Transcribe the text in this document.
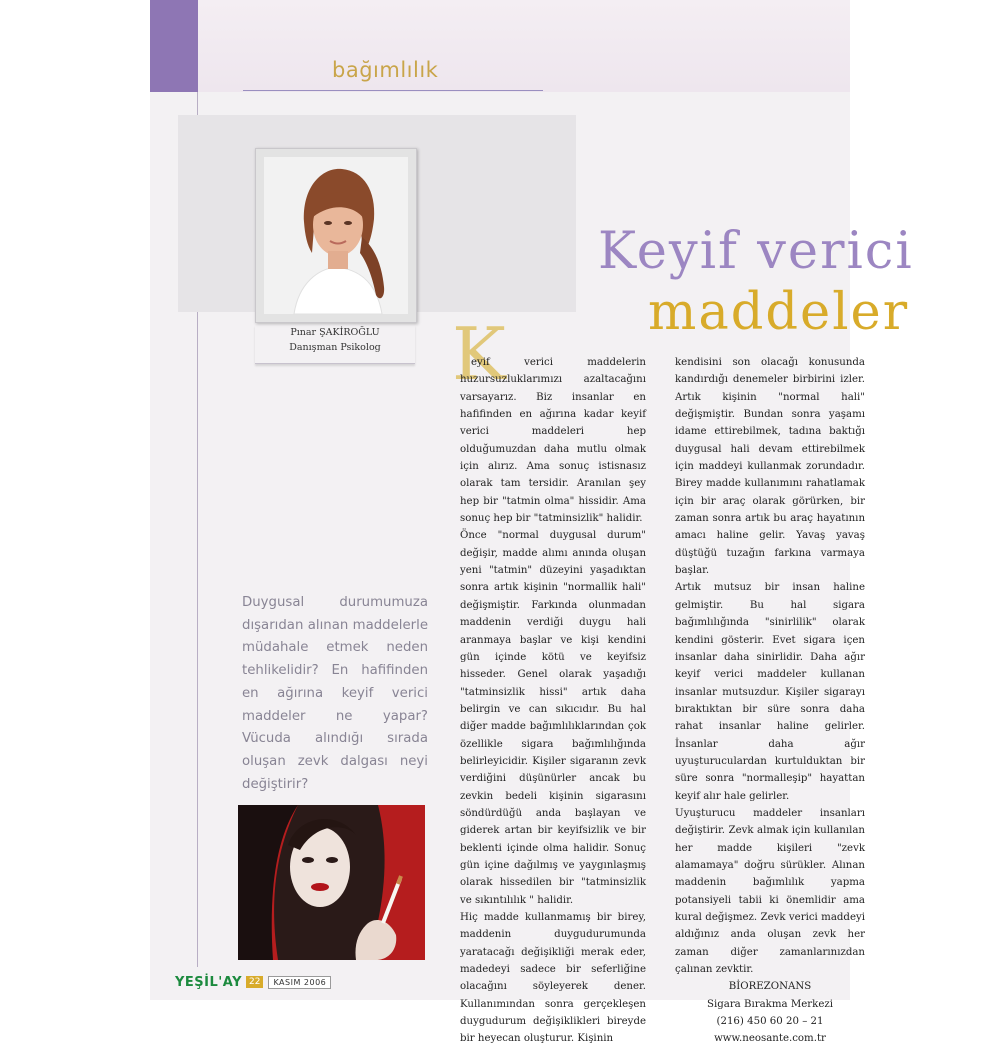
bağımlılık
Pınar ŞAKİROĞLU
Danışman Psikolog
Keyif verici
maddeler
K

eyif verici maddelerin huzursuzluklarımızı azaltacağını varsayarız. Biz insanlar en hafifinden en ağırına kadar keyif verici maddeleri hep olduğumuzdan daha mutlu olmak için alırız. Ama sonuç istisnasız olarak tam tersidir. Aranılan şey hep bir "tatmin olma" hissidir. Ama sonuç hep bir "tatminsizlik" halidir.

Önce "normal duygusal durum" değişir, madde alımı anında oluşan yeni "tatmin" düzeyini yaşadıktan sonra artık kişinin "normallik hali" değişmiştir. Farkında olunmadan maddenin verdiği duygu hali aranmaya başlar ve kişi kendini gün içinde kötü ve keyifsiz hisseder. Genel olarak yaşadığı "tatminsizlik hissi" artık daha belirgin ve can sıkıcıdır. Bu hal diğer madde bağımlılıklarından çok özellikle sigara bağımlılığında belirleyicidir. Kişiler sigaranın zevk verdiğini düşünürler ancak bu zevkin bedeli kişinin sigarasını söndürdüğü anda başlayan ve giderek artan bir keyifsizlik ve bir beklenti içinde olma halidir. Sonuç gün içine dağılmış ve yaygınlaşmış olarak hissedilen bir "tatminsizlik ve sıkıntılılık " halidir.

Hiç madde kullanmamış bir birey, maddenin duygudurumunda yaratacağı değişikliği merak eder, madedeyi sadece bir seferliğine olacağını söyleyerek dener. Kullanımından sonra gerçekleşen duygudurum değişiklikleri bireyde bir heyecan oluşturur. Kişinin

kendisini son olacağı konusunda kandırdığı denemeler birbirini izler. Artık kişinin "normal hali" değişmiştir. Bundan sonra yaşamı idame ettirebilmek, tadına baktığı duygusal hali devam ettirebilmek için maddeyi kullanmak zorundadır. Birey madde kullanımını rahatlamak için bir araç olarak görürken, bir zaman sonra artık bu araç hayatının amacı haline gelir. Yavaş yavaş düştüğü tuzağın farkına varmaya başlar.

Artık mutsuz bir insan haline gelmiştir. Bu hal sigara bağımlılığında "sinirlilik" olarak kendini gösterir. Evet sigara içen insanlar daha sinirlidir. Daha ağır keyif verici maddeler kullanan insanlar mutsuzdur. Kişiler sigarayı bıraktıktan bir süre sonra daha rahat insanlar haline gelirler. İnsanlar daha ağır uyuşturuculardan kurtulduktan bir süre sonra "normalleşip" hayattan keyif alır hale gelirler.

Uyuşturucu maddeler insanları değiştirir. Zevk almak için kullanılan her madde kişileri "zevk alamamaya" doğru sürükler. Alınan maddenin bağımlılık yapma potansiyeli tabii ki önemlidir ama kural değişmez. Zevk verici maddeyi aldığınız anda oluşan zevk her zaman diğer zamanlarınızdan çalınan zevktir.

BİOREZONANS
Sigara Bırakma Merkezi
(216) 450 60 20 – 21
www.neosante.com.tr
Duygusal durumumuza dışarıdan alınan maddelerle müdahale etmek neden tehlikelidir? En hafifinden en ağırına keyif verici maddeler ne yapar? Vücuda alındığı sırada oluşan zevk dalgası neyi değiştirir?
YEŞİL'AY 22	KASIM 2006
